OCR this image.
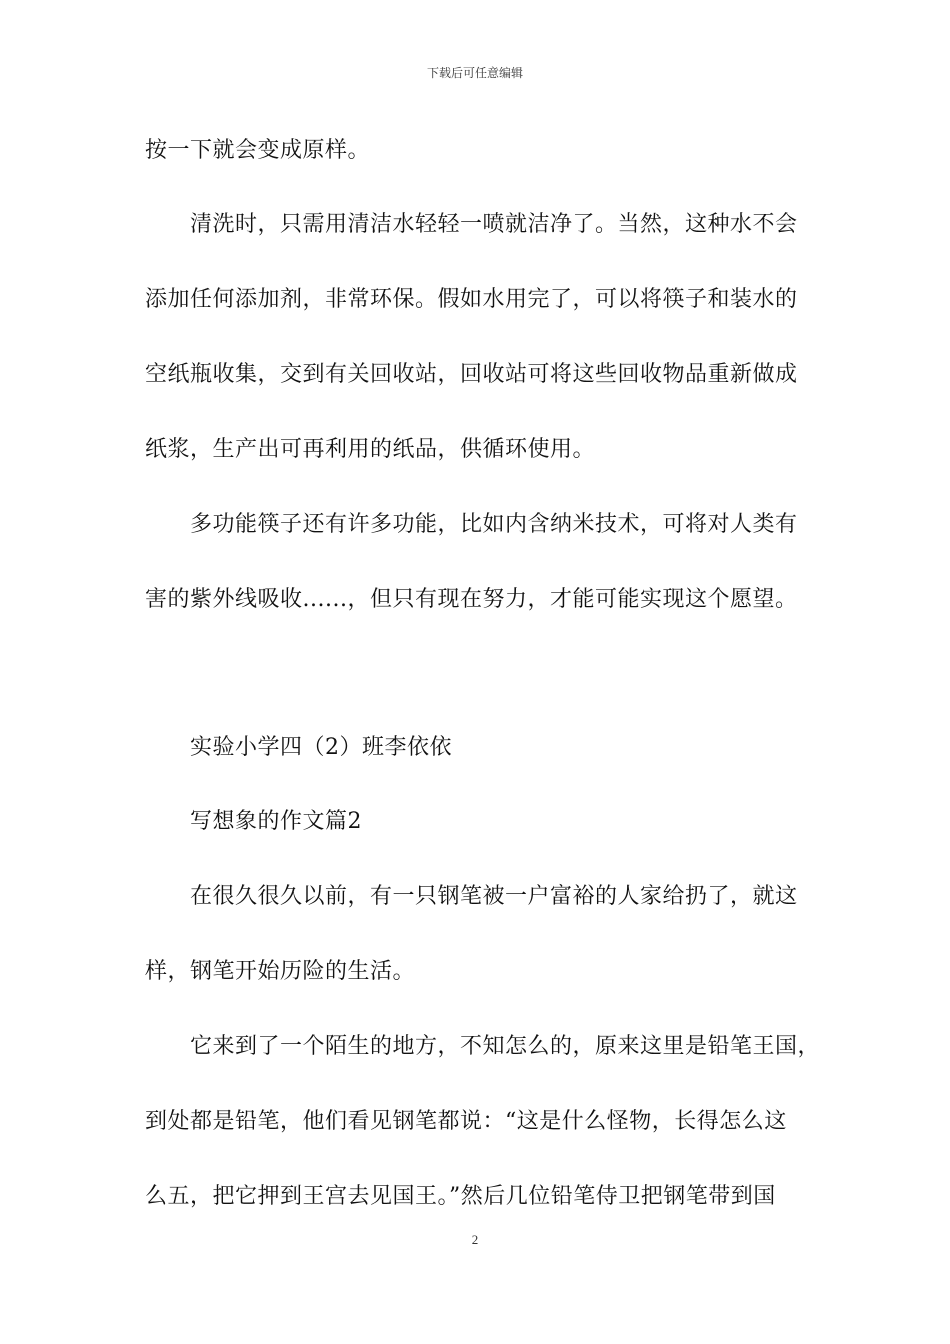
下载后可任意编辑
按一下就会变成原样。
　　清洗时，只需用清洁水轻轻一喷就洁净了。当然，这种水不会
添加任何添加剂，非常环保。假如水用完了，可以将筷子和装水的
空纸瓶收集，交到有关回收站，回收站可将这些回收物品重新做成
纸浆，生产出可再利用的纸品，供循环使用。
　　多功能筷子还有许多功能，比如内含纳米技术，可将对人类有
害的紫外线吸收......，但只有现在努力，才能可能实现这个愿望。
　　实验小学四（2）班李依依
　　写想象的作文篇2
　　在很久很久以前，有一只钢笔被一户富裕的人家给扔了，就这
样，钢笔开始历险的生活。
　　它来到了一个陌生的地方，不知怎么的，原来这里是铅笔王国，
到处都是铅笔，他们看见钢笔都说：“这是什么怪物，长得怎么这
么五，把它押到王宫去见国王。”然后几位铅笔侍卫把钢笔带到国
2
